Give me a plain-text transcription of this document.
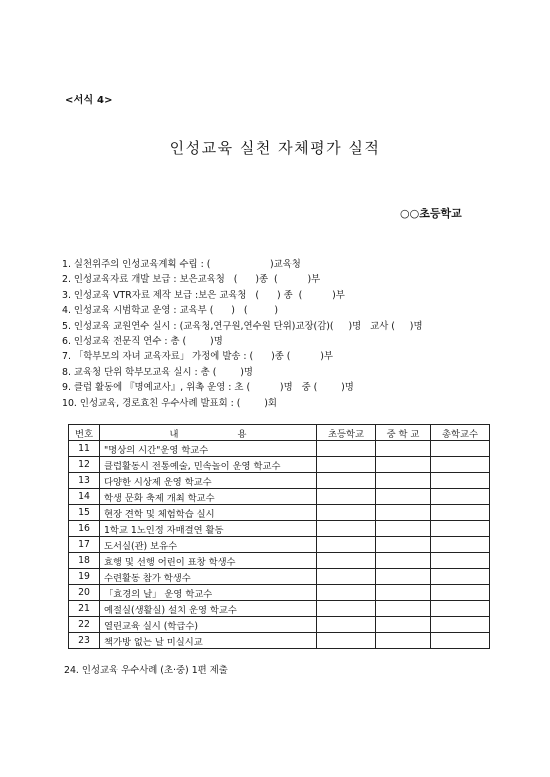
<서식 4>
인성교육 실천 자체평가 실적
○○초등학교
1. 실천위주의 인성교육계획 수립 : (                    )교육청
2. 인성교육자료 개발 보급 : 보은교육청   (      )종  (          )부
3. 인성교육 VTR자료 제작 보급 :보은 교육청   (      ) 종  (          )부
4. 인성교육 시범학교 운영 : 교육부 (      )   (         )
5. 인성교육 교원연수 실시 : (교육청,연구원,연수원 단위)교장(감)(     )명   교사 (     )명
6. 인성교육 전문직 연수 : 총 (        )명
7. 「학부모의 자녀 교육자료」 가정에 발송 : (      )종 (          )부
8. 교육청 단위 학부모교육 실시 : 총 (        )명
9. 클럽 활동에 『명예교사』, 위촉 운영 : 초 (          )명   중 (        )명
10. 인성교육, 경로효친 우수사례 발표회 : (        )회
번호	내                    용	초등학교	중 학 교	총학교수
11	"명상의 시간"운영 학교수			
12	클럽활동시 전통예술, 민속놀이 운영 학교수			
13	다양한 시상제 운영 학교수			
14	학생 문화 축제 개최 학교수			
15	현장 견학 및 체험학습 실시			
16	1학교 1노인정 자매결연 활동			
17	도서실(관) 보유수			
18	효행 및 선행 어린이 표창 학생수			
19	수련활동 참가 학생수			
20	「효경의 날」 운영 학교수			
21	예절실(생활실) 설치 운영 학교수			
22	열린교육 실시 (학급수)			
23	책가방 없는 날 미실시교			
24. 인성교육 우수사례 (초·중) 1편 제출
